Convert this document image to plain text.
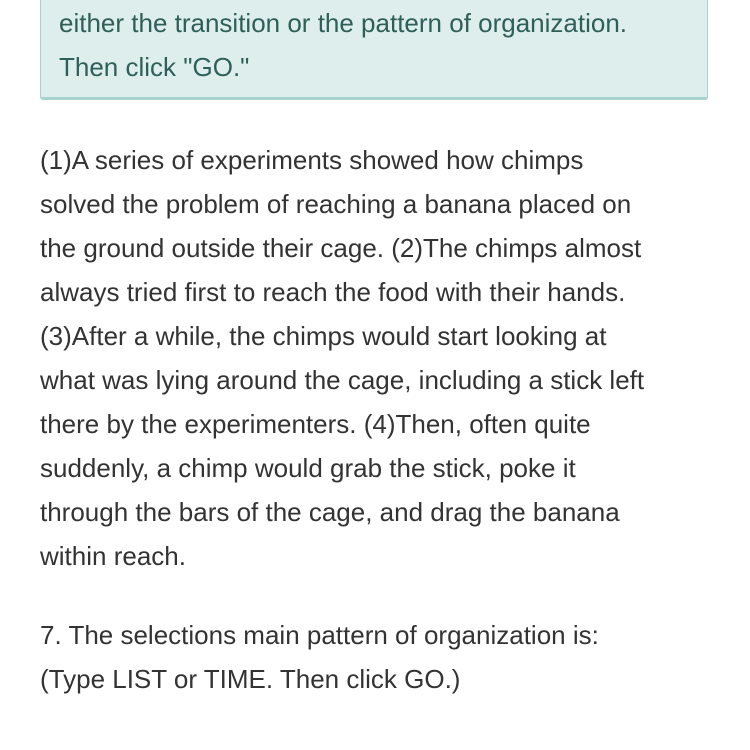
either the transition or the pattern of organization.
Then click "GO."
(1)A series of experiments showed how chimps
solved the problem of reaching a banana placed on
the ground outside their cage. (2)The chimps almost
always tried first to reach the food with their hands.
(3)After a while, the chimps would start looking at
what was lying around the cage, including a stick left
there by the experimenters. (4)Then, often quite
suddenly, a chimp would grab the stick, poke it
through the bars of the cage, and drag the banana
within reach.
7. The selections main pattern of organization is:
(Type LIST or TIME. Then click GO.)
